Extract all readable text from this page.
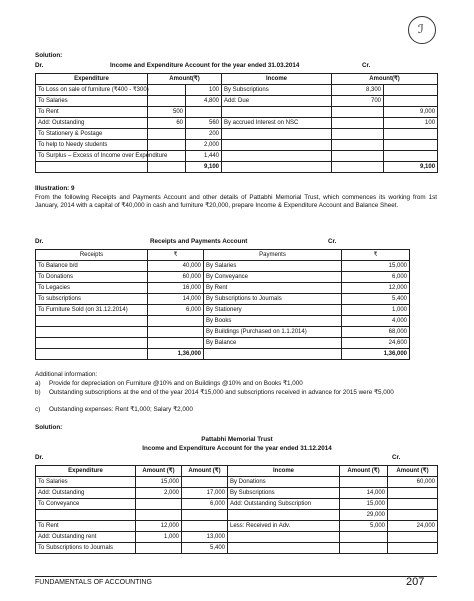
ℐ
Solution:
Dr.	Income and Expenditure Account for the year ended 31.03.2014	Cr.
Expenditure	Amount(₹)		Income	Amount(₹)	
To Loss on sale of furniture (₹400 - ₹300)		100	By Subscriptions	8,300	
To Salaries		4,800	Add: Due	700	
To Rent	500				9,000
Add: Outstanding	60	560	By accrued Interest on NSC		100
To Stationery & Postage		200			
To help to Needy students		2,000			
To Surplus – Excess of Income over Expenditure		1,440			
		9,100			9,100
Illustration: 9
From the following Receipts and Payments Account and other details of Pattabhi Memorial Trust, which commences its working from 1st January, 2014 with a capital of ₹40,000 in cash and furniture ₹20,000, prepare Income & Expenditure Account and Balance Sheet.
Dr.	Receipts and Payments Account	Cr.
Receipts	₹	Payments	₹
To Balance b/d	40,000	By Salaries	15,000
To Donations	60,000	By Conveyance	6,000
To Legacies	16,000	By Rent	12,000
To subscriptions	14,000	By Subscriptions to Journals	5,400
To Furniture Sold (on 31.12.2014)	6,000	By Stationery	1,000
		By Books	4,000
		By Buildings (Purchased on 1.1.2014)	68,000
		By Balance	24,600
	1,36,000		1,36,000
Additional information:
a) Provide for depreciation on Furniture @10% and on Buildings @10% and on Books ₹1,000
b) Outstanding subscriptions at the end of the year 2014 ₹15,000 and subscriptions received in advance for 2015 were ₹5,000
c) Outstanding expenses: Rent ₹1,000; Salary ₹2,000
Solution:
Pattabhi Memorial Trust
Income and Expenditure Account for the year ended 31.12.2014
Dr.	Cr.
Expenditure	Amount (₹)	Amount (₹)	Income	Amount (₹)	Amount (₹)
To Salaries	15,000		By Donations		60,000
Add: Outstanding	2,000	17,000	By Subscriptions	14,000	
To Conveyance		6,000	Add: Outstanding Subscription	15,000	
				29,000	
To Rent	12,000		Less: Received in Adv.	5,000	24,000
Add: Outstanding rent	1,000	13,000			
To Subscriptions to Journals		5,400			
FUNDAMENTALS OF ACCOUNTING	207
